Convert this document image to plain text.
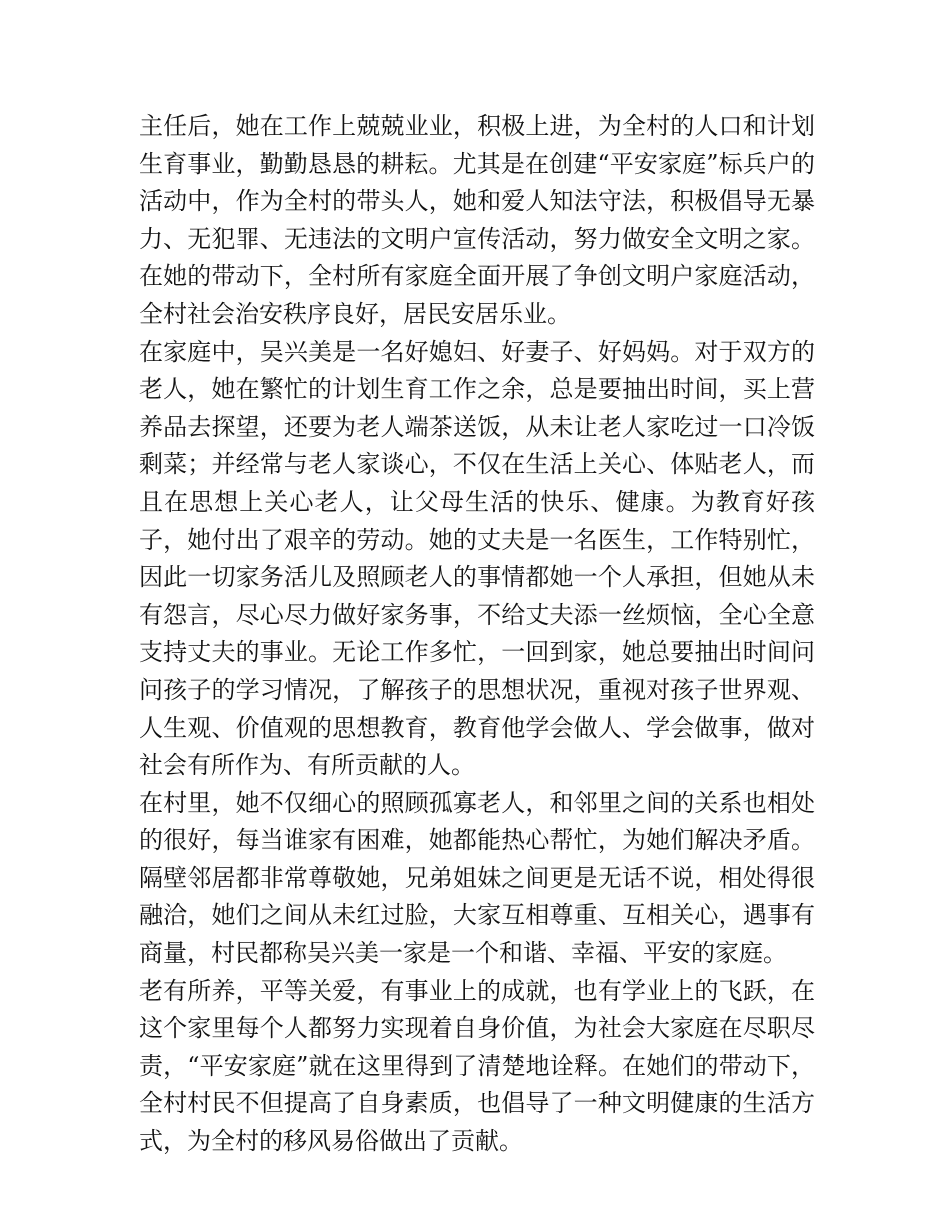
主任后，她在工作上兢兢业业，积极上进，为全村的人口和计划生育事业，勤勤恳恳的耕耘。尤其是在创建“平安家庭”标兵户的活动中，作为全村的带头人，她和爱人知法守法，积极倡导无暴力、无犯罪、无违法的文明户宣传活动，努力做安全文明之家。在她的带动下，全村所有家庭全面开展了争创文明户家庭活动，全村社会治安秩序良好，居民安居乐业。

在家庭中，吴兴美是一名好媳妇、好妻子、好妈妈。对于双方的老人，她在繁忙的计划生育工作之余，总是要抽出时间，买上营养品去探望，还要为老人端茶送饭，从未让老人家吃过一口冷饭剩菜；并经常与老人家谈心，不仅在生活上关心、体贴老人，而且在思想上关心老人，让父母生活的快乐、健康。为教育好孩子，她付出了艰辛的劳动。她的丈夫是一名医生，工作特别忙，因此一切家务活儿及照顾老人的事情都她一个人承担，但她从未有怨言，尽心尽力做好家务事，不给丈夫添一丝烦恼，全心全意支持丈夫的事业。无论工作多忙，一回到家，她总要抽出时间问问孩子的学习情况，了解孩子的思想状况，重视对孩子世界观、人生观、价值观的思想教育，教育他学会做人、学会做事，做对社会有所作为、有所贡献的人。

在村里，她不仅细心的照顾孤寡老人，和邻里之间的关系也相处的很好，每当谁家有困难，她都能热心帮忙，为她们解决矛盾。隔壁邻居都非常尊敬她，兄弟姐妹之间更是无话不说，相处得很融洽，她们之间从未红过脸，大家互相尊重、互相关心，遇事有商量，村民都称吴兴美一家是一个和谐、幸福、平安的家庭。

老有所养，平等关爱，有事业上的成就，也有学业上的飞跃，在这个家里每个人都努力实现着自身价值，为社会大家庭在尽职尽责，“平安家庭”就在这里得到了清楚地诠释。在她们的带动下，全村村民不但提高了自身素质，也倡导了一种文明健康的生活方式，为全村的移风易俗做出了贡献。
